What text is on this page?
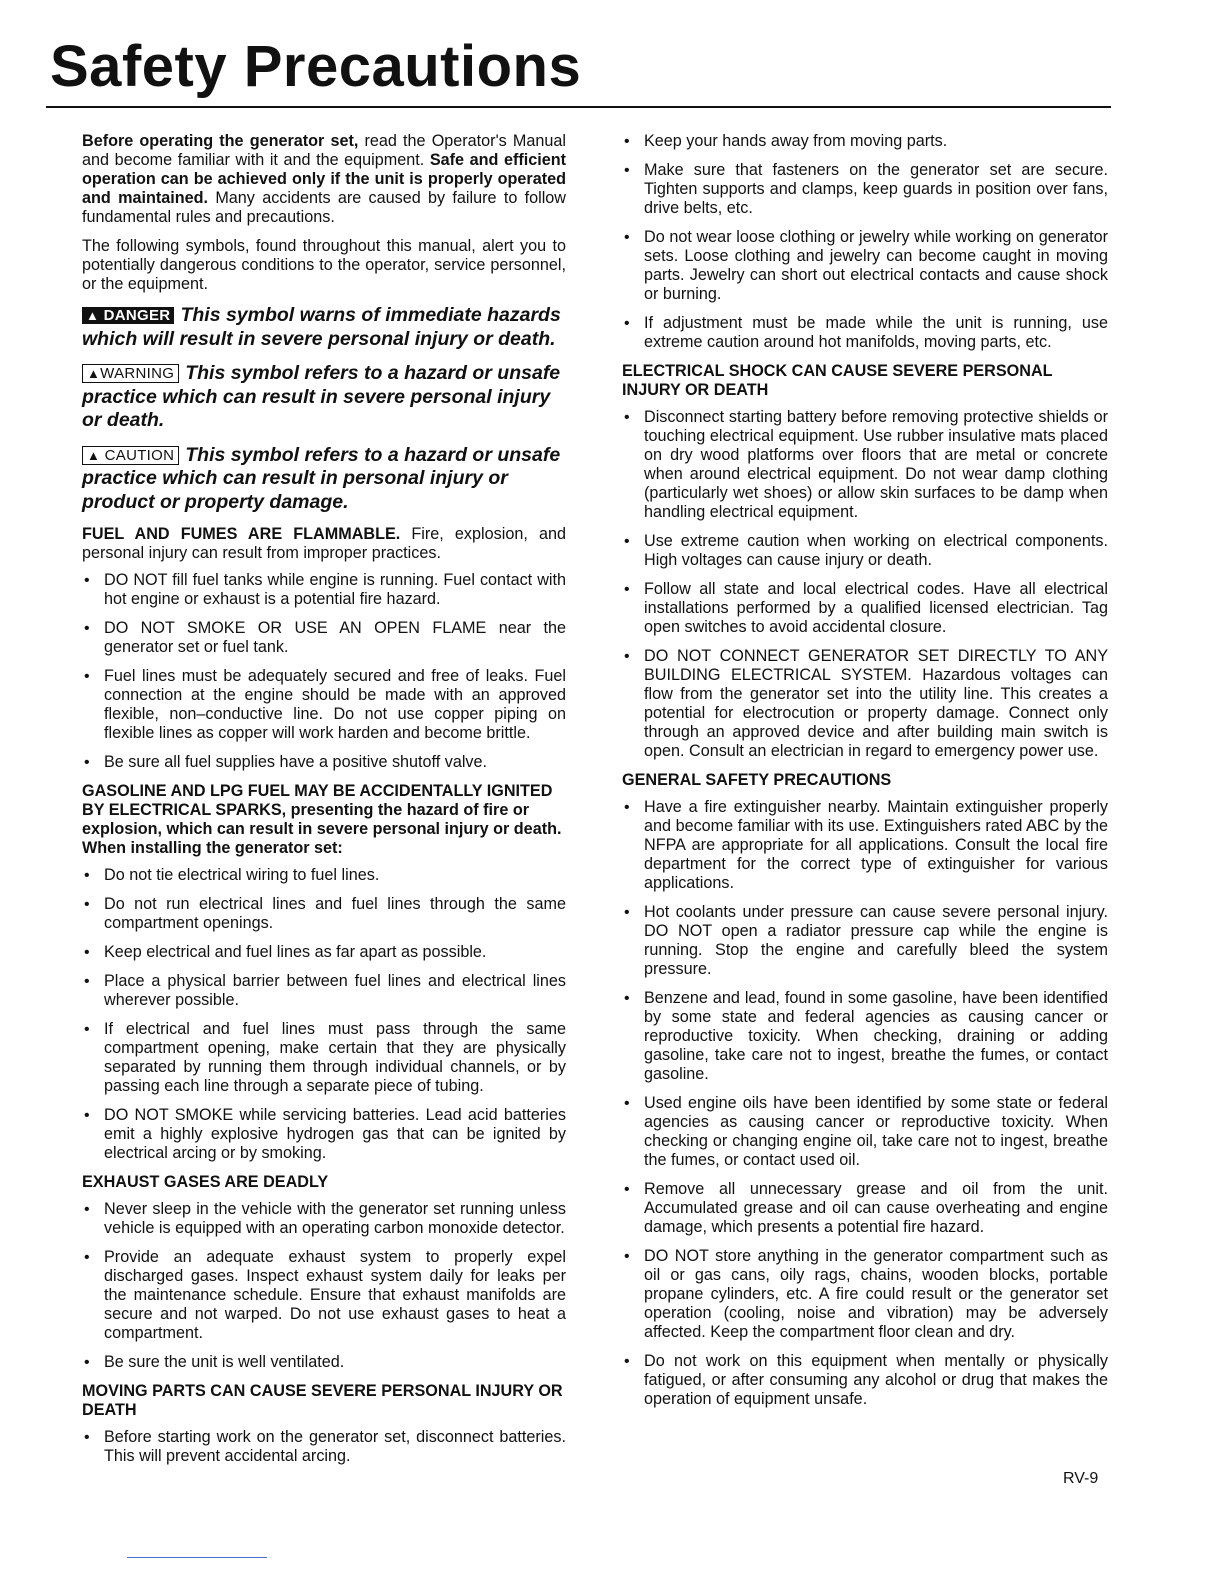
Safety Precautions

Before operating the generator set, read the Operator's Manual and become familiar with it and the equipment. Safe and efficient operation can be achieved only if the unit is properly operated and maintained. Many accidents are caused by failure to follow fundamental rules and precautions.

The following symbols, found throughout this manual, alert you to potentially dangerous conditions to the operator, service personnel, or the equipment.

▲ DANGER This symbol warns of immediate hazards which will result in severe personal injury or death.

▲WARNING This symbol refers to a hazard or unsafe practice which can result in severe personal injury or death.

▲ CAUTION This symbol refers to a hazard or unsafe practice which can result in personal injury or product or property damage.

FUEL AND FUMES ARE FLAMMABLE. Fire, explosion, and personal injury can result from improper practices.

• DO NOT fill fuel tanks while engine is running. Fuel contact with hot engine or exhaust is a potential fire hazard.
• DO NOT SMOKE OR USE AN OPEN FLAME near the generator set or fuel tank.
• Fuel lines must be adequately secured and free of leaks. Fuel connection at the engine should be made with an approved flexible, non–conductive line. Do not use copper piping on flexible lines as copper will work harden and become brittle.
• Be sure all fuel supplies have a positive shutoff valve.
GASOLINE AND LPG FUEL MAY BE ACCIDENTALLY IGNITED BY ELECTRICAL SPARKS, presenting the hazard of fire or explosion, which can result in severe personal injury or death. When installing the generator set:
• Do not tie electrical wiring to fuel lines.
• Do not run electrical lines and fuel lines through the same compartment openings.
• Keep electrical and fuel lines as far apart as possible.
• Place a physical barrier between fuel lines and electrical lines wherever possible.
• If electrical and fuel lines must pass through the same compartment opening, make certain that they are physically separated by running them through individual channels, or by passing each line through a separate piece of tubing.
• DO NOT SMOKE while servicing batteries. Lead acid batteries emit a highly explosive hydrogen gas that can be ignited by electrical arcing or by smoking.
EXHAUST GASES ARE DEADLY
• Never sleep in the vehicle with the generator set running unless vehicle is equipped with an operating carbon monoxide detector.
• Provide an adequate exhaust system to properly expel discharged gases. Inspect exhaust system daily for leaks per the maintenance schedule. Ensure that exhaust manifolds are secure and not warped. Do not use exhaust gases to heat a compartment.
• Be sure the unit is well ventilated.
MOVING PARTS CAN CAUSE SEVERE PERSONAL INJURY OR DEATH
• Before starting work on the generator set, disconnect batteries. This will prevent accidental arcing.
• Keep your hands away from moving parts.
• Make sure that fasteners on the generator set are secure. Tighten supports and clamps, keep guards in position over fans, drive belts, etc.
• Do not wear loose clothing or jewelry while working on generator sets. Loose clothing and jewelry can become caught in moving parts. Jewelry can short out electrical contacts and cause shock or burning.
• If adjustment must be made while the unit is running, use extreme caution around hot manifolds, moving parts, etc.
ELECTRICAL SHOCK CAN CAUSE SEVERE PERSONAL INJURY OR DEATH
• Disconnect starting battery before removing protective shields or touching electrical equipment. Use rubber insulative mats placed on dry wood platforms over floors that are metal or concrete when around electrical equipment. Do not wear damp clothing (particularly wet shoes) or allow skin surfaces to be damp when handling electrical equipment.
• Use extreme caution when working on electrical components. High voltages can cause injury or death.
• Follow all state and local electrical codes. Have all electrical installations performed by a qualified licensed electrician. Tag open switches to avoid accidental closure.
• DO NOT CONNECT GENERATOR SET DIRECTLY TO ANY BUILDING ELECTRICAL SYSTEM. Hazardous voltages can flow from the generator set into the utility line. This creates a potential for electrocution or property damage. Connect only through an approved device and after building main switch is open. Consult an electrician in regard to emergency power use.
GENERAL SAFETY PRECAUTIONS
• Have a fire extinguisher nearby. Maintain extinguisher properly and become familiar with its use. Extinguishers rated ABC by the NFPA are appropriate for all applications. Consult the local fire department for the correct type of extinguisher for various applications.
• Hot coolants under pressure can cause severe personal injury. DO NOT open a radiator pressure cap while the engine is running. Stop the engine and carefully bleed the system pressure.
• Benzene and lead, found in some gasoline, have been identified by some state and federal agencies as causing cancer or reproductive toxicity. When checking, draining or adding gasoline, take care not to ingest, breathe the fumes, or contact gasoline.
• Used engine oils have been identified by some state or federal agencies as causing cancer or reproductive toxicity. When checking or changing engine oil, take care not to ingest, breathe the fumes, or contact used oil.
• Remove all unnecessary grease and oil from the unit. Accumulated grease and oil can cause overheating and engine damage, which presents a potential fire hazard.
• DO NOT store anything in the generator compartment such as oil or gas cans, oily rags, chains, wooden blocks, portable propane cylinders, etc. A fire could result or the generator set operation (cooling, noise and vibration) may be adversely affected. Keep the compartment floor clean and dry.
• Do not work on this equipment when mentally or physically fatigued, or after consuming any alcohol or drug that makes the operation of equipment unsafe.
RV-9
